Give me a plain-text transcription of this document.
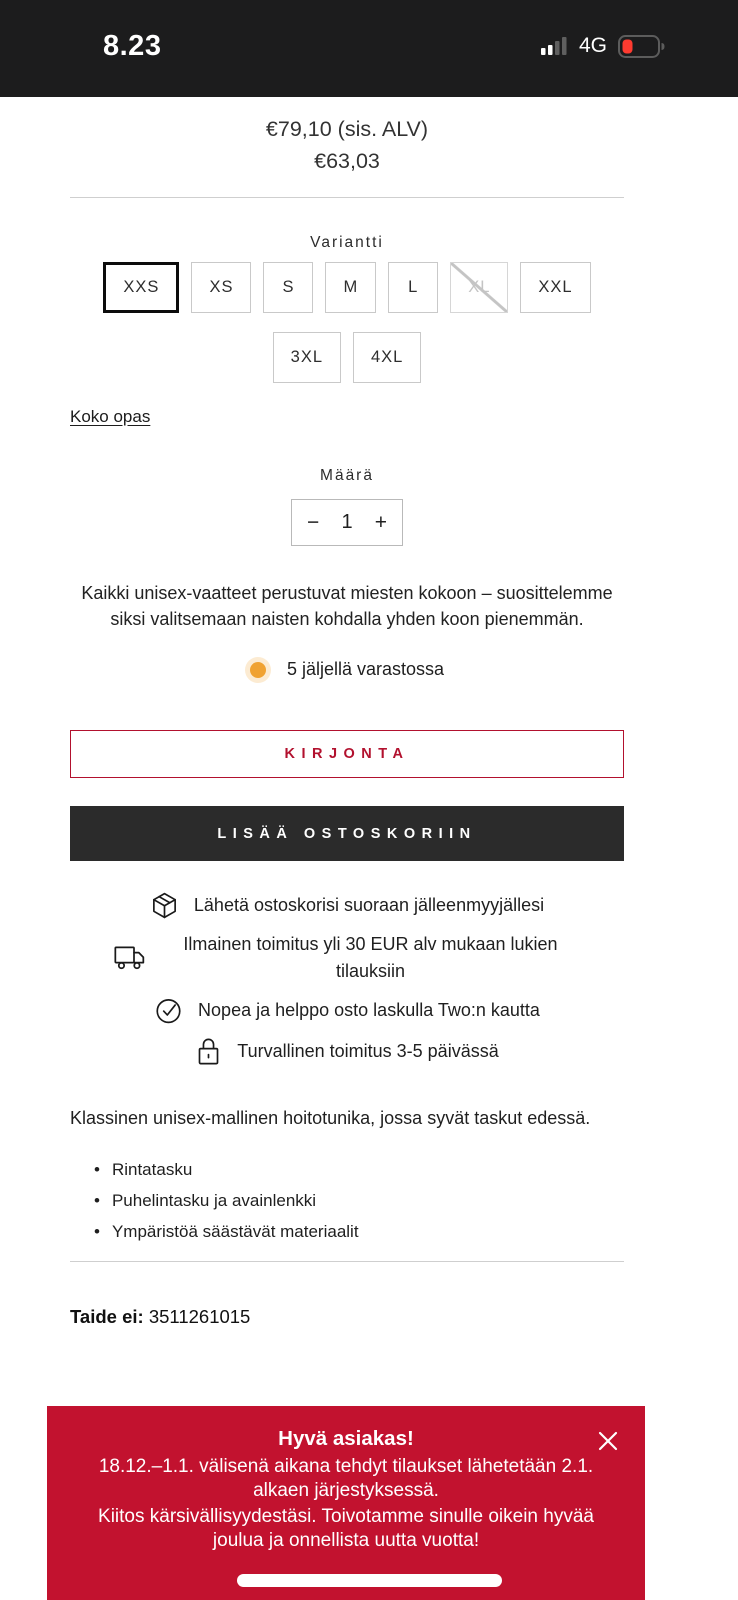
8.23	4G
€79,10 (sis. ALV)
€63,03
Variantti
XXS	XS	S	M	L	XL	XXL
3XL	4XL
Koko opas
Määrä
− 1 +
Kaikki unisex-vaatteet perustuvat miesten kokoon – suosittelemme siksi valitsemaan naisten kohdalla yhden koon pienemmän.
5 jäljellä varastossa
KIRJONTA
LISÄÄ OSTOSKORIIN
Lähetä ostoskorisi suoraan jälleenmyyjällesi
Ilmainen toimitus yli 30 EUR alv mukaan lukien tilauksiin
Nopea ja helppo osto laskulla Two:n kautta
Turvallinen toimitus 3-5 päivässä
Klassinen unisex-mallinen hoitotunika, jossa syvät taskut edessä.
• Rintatasku
• Puhelintasku ja avainlenkki
• Ympäristöä säästävät materiaalit
Taide ei: 3511261015
Hyvä asiakas!

18.12.–1.1. välisenä aikana tehdyt tilaukset lähetetään 2.1. alkaen järjestyksessä.

Kiitos kärsivällisyydestäsi. Toivotamme sinulle oikein hyvää joulua ja onnellista uutta vuotta!
